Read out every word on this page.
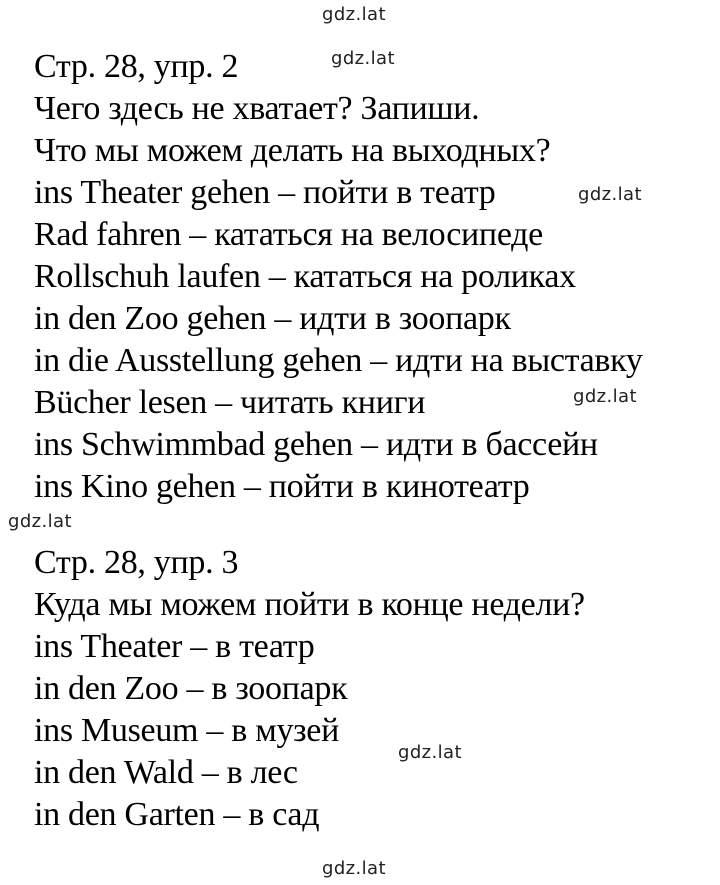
gdz.lat
gdz.lat
gdz.lat
gdz.lat
gdz.lat
gdz.lat
gdz.lat
Стр. 28, упр. 2
Чего здесь не хватает? Запиши.
Что мы можем делать на выходных?
ins Theater gehen – пойти в театр
Rad fahren – кататься на велосипеде
Rollschuh laufen – кататься на роликах
in den Zoo gehen – идти в зоопарк
in die Ausstellung gehen – идти на выставку
Bücher lesen – читать книги
ins Schwimmbad gehen – идти в бассейн
ins Kino gehen – пойти в кинотеатр
Стр. 28, упр. 3
Куда мы можем пойти в конце недели?
ins Theater – в театр
in den Zoo – в зоопарк
ins Museum – в музей
in den Wald – в лес
in den Garten – в сад
